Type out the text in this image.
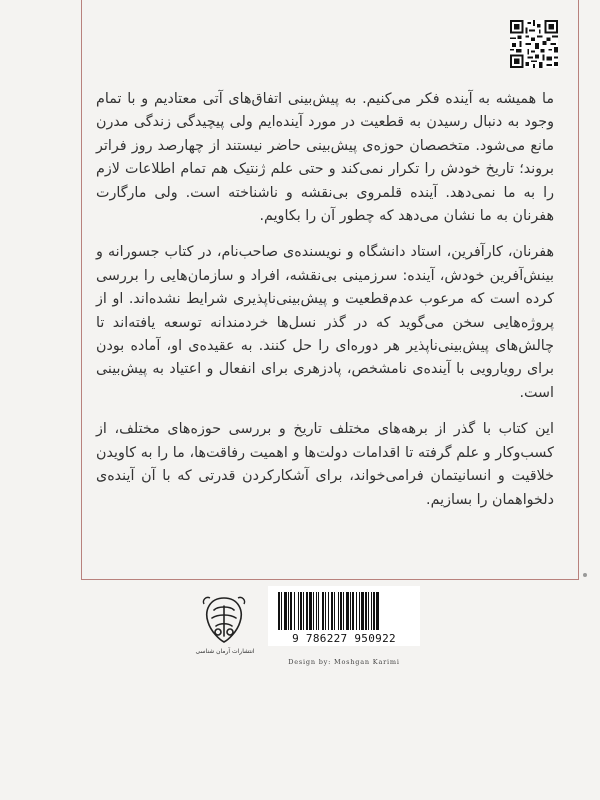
ما همیشه به آینده فکر می‌کنیم. به پیش‌بینی اتفاق‌های آتی معتادیم و با تمام وجود به دنبال رسیدن به قطعیت در مورد آینده‌ایم ولی پیچیدگی زندگی مدرن مانع می‌شود. متخصصان حوزه‌ی پیش‌بینی حاضر نیستند از چهارصد روز فراتر بروند؛ تاریخ خودش را تکرار نمی‌کند و حتی علم ژنتیک هم تمام اطلاعات لازم را به ما نمی‌دهد. آینده قلمروی بی‌نقشه و ناشناخته است. ولی مارگارت هفرنان به ما نشان می‌دهد که چطور آن را بکاویم.

هفرنان، کارآفرین، استاد دانشگاه و نویسنده‌ی صاحب‌نام، در کتاب جسورانه و بینش‌آفرین خودش، آینده: سرزمینی بی‌نقشه، افراد و سازمان‌هایی را بررسی کرده است که مرعوب عدم‌قطعیت و پیش‌بینی‌ناپذیری شرایط نشده‌اند. او از پروژه‌هایی سخن می‌گوید که در گذر نسل‌ها خردمندانه توسعه یافته‌اند تا چالش‌های پیش‌بینی‌ناپذیر هر دوره‌ای را حل کنند. به عقیده‌ی او، آماده بودن برای رویارویی با آینده‌ی نامشخص، پادزهری برای انفعال و اعتیاد به پیش‌بینی است.

این کتاب با گذر از برهه‌های مختلف تاریخ و بررسی حوزه‌های مختلف، از کسب‌وکار و علم گرفته تا اقدامات دولت‌ها و اهمیت رفاقت‌ها، ما را به کاویدن خلاقیت و انسانیتمان فرامی‌خواند، برای آشکارکردن قدرتی که با آن آینده‌ی دلخواهمان را بسازیم.

انتشارات آرمان شناسی
9 786227 950922
Design by: Moshgan Karimi
